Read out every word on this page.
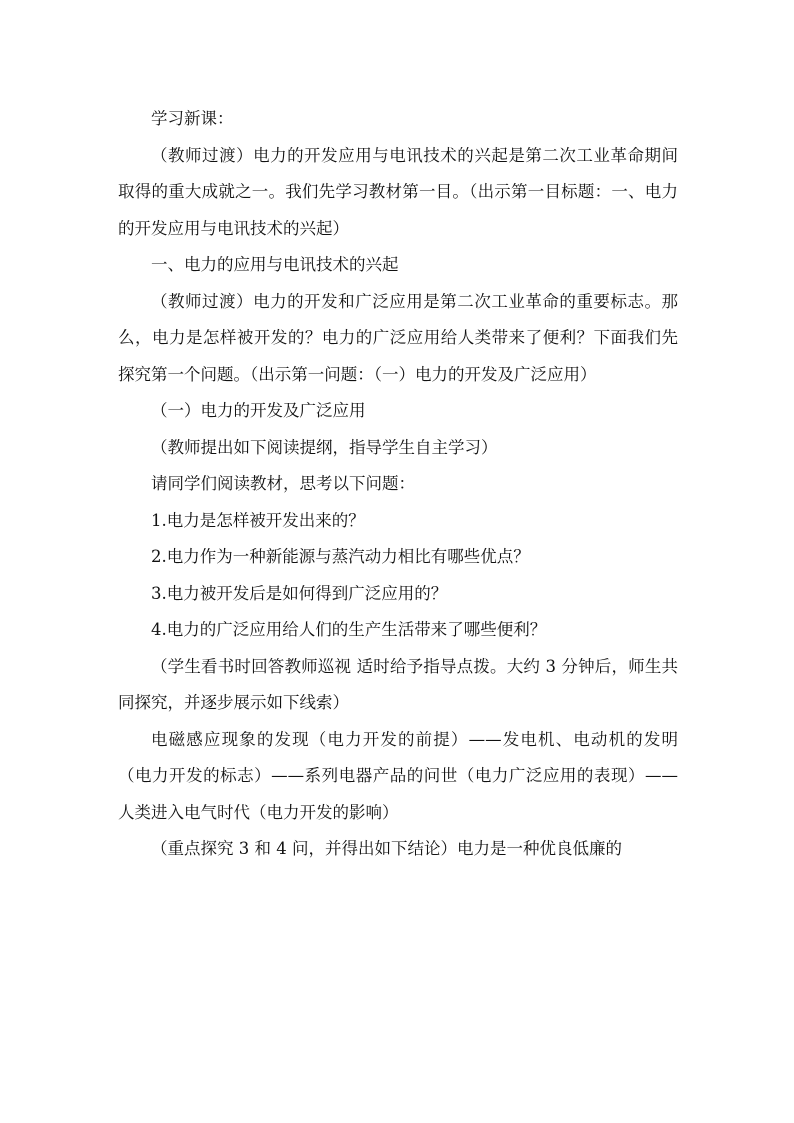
学习新课：

（教师过渡）电力的开发应用与电讯技术的兴起是第二次工业革命期间取得的重大成就之一。我们先学习教材第一目。（出示第一目标题：一、电力的开发应用与电讯技术的兴起）

一、电力的应用与电讯技术的兴起

（教师过渡）电力的开发和广泛应用是第二次工业革命的重要标志。那么，电力是怎样被开发的？电力的广泛应用给人类带来了便利？下面我们先探究第一个问题。（出示第一问题：（一）电力的开发及广泛应用）

（一）电力的开发及广泛应用

（教师提出如下阅读提纲，指导学生自主学习）

请同学们阅读教材，思考以下问题：

1.电力是怎样被开发出来的？

2.电力作为一种新能源与蒸汽动力相比有哪些优点？

3.电力被开发后是如何得到广泛应用的？

4.电力的广泛应用给人们的生产生活带来了哪些便利？

（学生看书时回答教师巡视 适时给予指导点拨。大约 3 分钟后，师生共同探究，并逐步展示如下线索）

电磁感应现象的发现（电力开发的前提）——发电机、电动机的发明（电力开发的标志）——系列电器产品的问世（电力广泛应用的表现）——人类进入电气时代（电力开发的影响）

（重点探究 3 和 4 问，并得出如下结论）电力是一种优良低廉的
